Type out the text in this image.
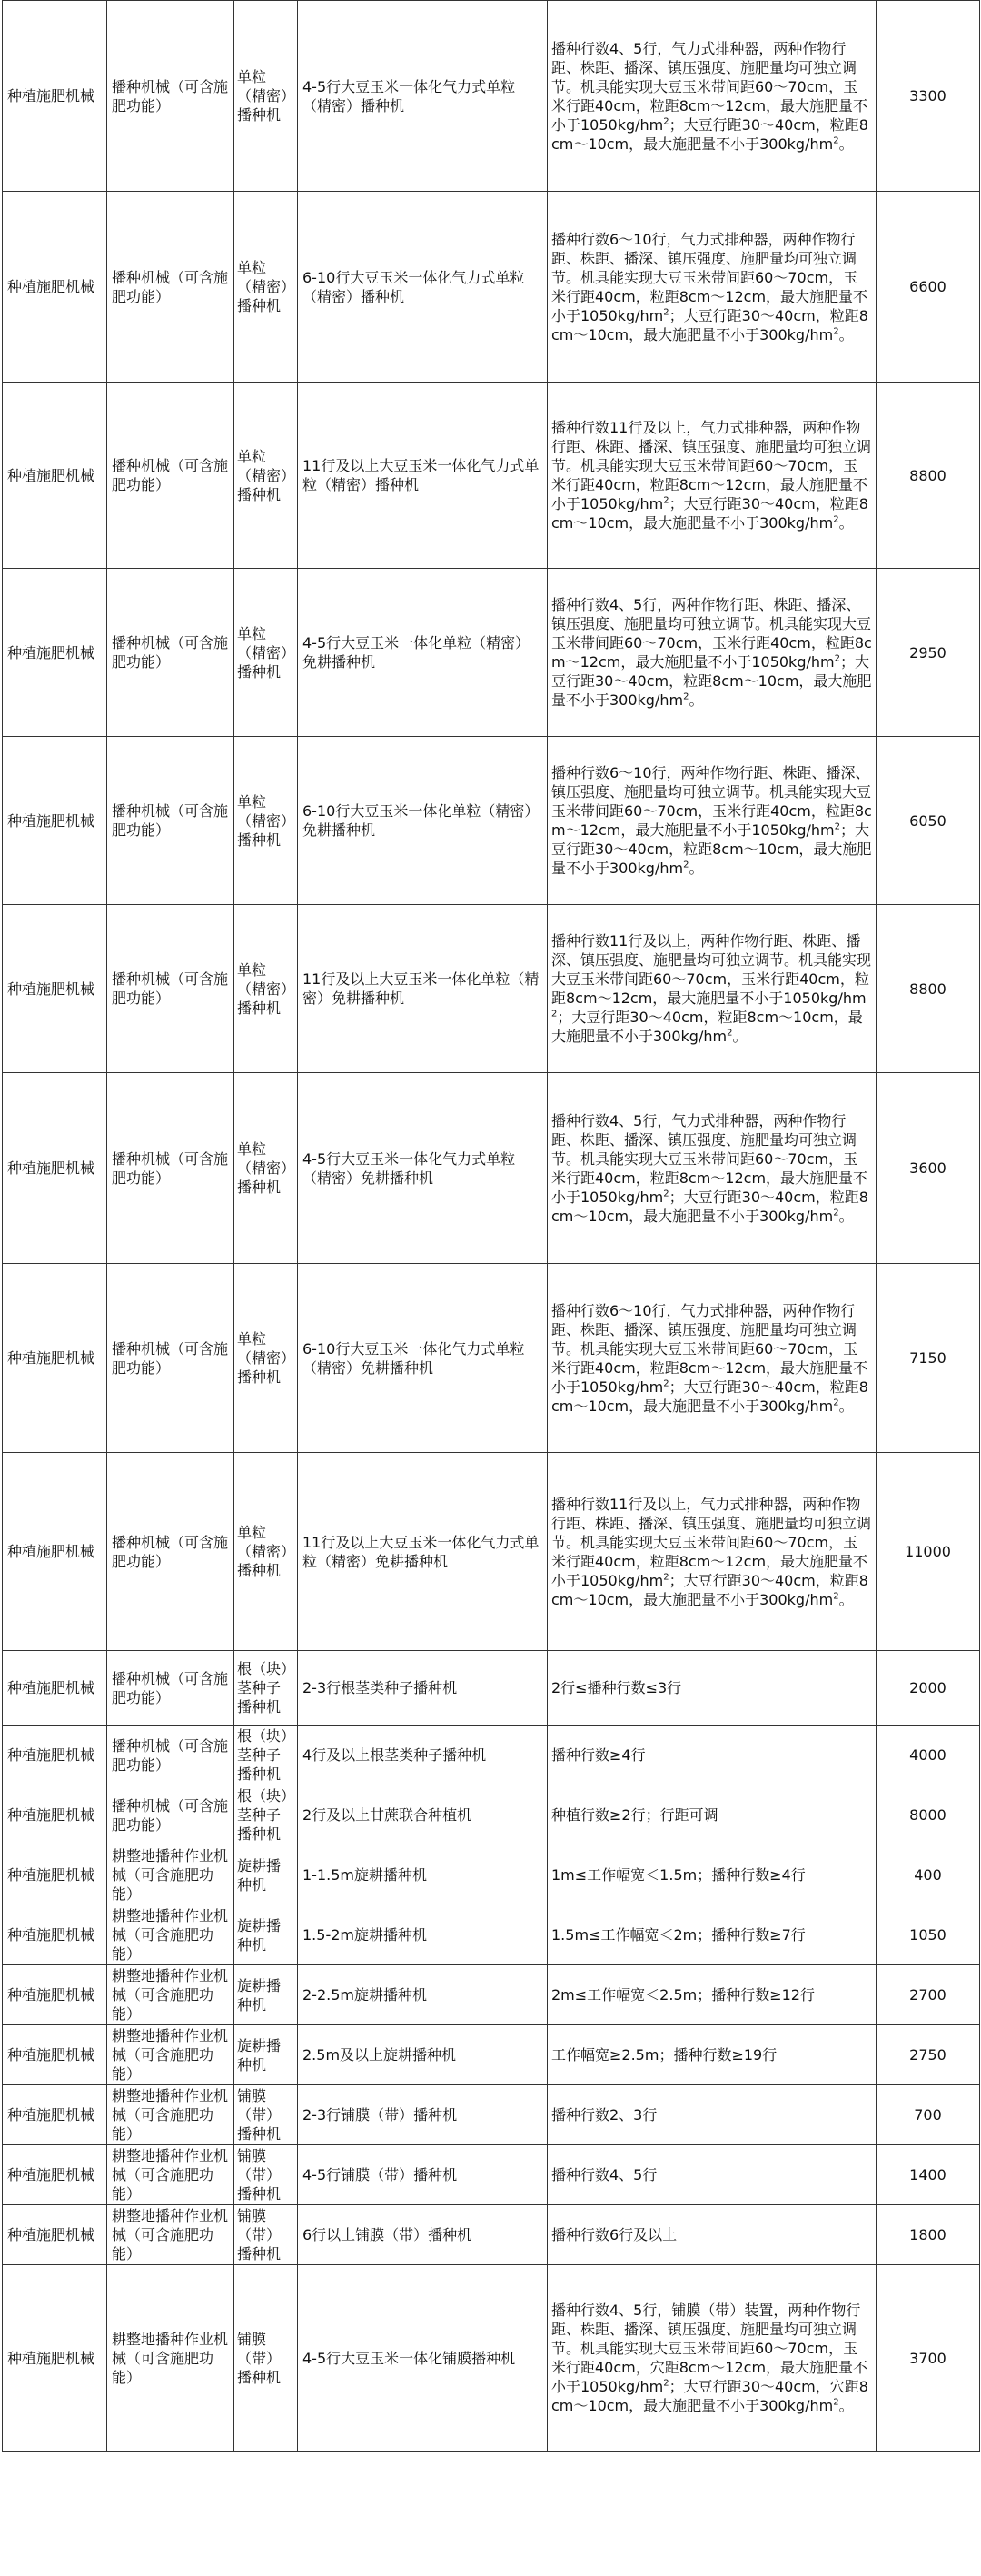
种植施肥机械	播种机械（可含施肥功能）	单粒（精密）播种机	4-5行大豆玉米一体化气力式单粒（精密）播种机	播种行数4、5行，气力式排种器，两种作物行距、株距、播深、镇压强度、施肥量均可独立调节。机具能实现大豆玉米带间距60～70cm，玉米行距40cm，粒距8cm～12cm，最大施肥量不小于$1050kg/hm^2$；大豆行距30～40cm，粒距8cm～10cm，最大施肥量不小于$300kg/hm^2$。	3300
种植施肥机械	播种机械（可含施肥功能）	单粒（精密）播种机	6-10行大豆玉米一体化气力式单粒（精密）播种机	播种行数6～10行，气力式排种器，两种作物行距、株距、播深、镇压强度、施肥量均可独立调节。机具能实现大豆玉米带间距60～70cm，玉米行距40cm，粒距8cm～12cm，最大施肥量不小于$1050kg/hm^2$；大豆行距30～40cm，粒距8cm～10cm，最大施肥量不小于$300kg/hm^2$。	6600
种植施肥机械	播种机械（可含施肥功能）	单粒（精密）播种机	11行及以上大豆玉米一体化气力式单粒（精密）播种机	播种行数11行及以上，气力式排种器，两种作物行距、株距、播深、镇压强度、施肥量均可独立调节。机具能实现大豆玉米带间距60～70cm，玉米行距40cm，粒距8cm～12cm，最大施肥量不小于$1050kg/hm^2$；大豆行距30～40cm，粒距8cm～10cm，最大施肥量不小于$300kg/hm^2$。	8800
种植施肥机械	播种机械（可含施肥功能）	单粒（精密）播种机	4-5行大豆玉米一体化单粒（精密）免耕播种机	播种行数4、5行，两种作物行距、株距、播深、镇压强度、施肥量均可独立调节。机具能实现大豆玉米带间距60～70cm，玉米行距40cm，粒距8cm～12cm，最大施肥量不小于$1050kg/hm^2$；大豆行距30～40cm，粒距8cm～10cm，最大施肥量不小于$300kg/hm^2$。	2950
种植施肥机械	播种机械（可含施肥功能）	单粒（精密）播种机	6-10行大豆玉米一体化单粒（精密）免耕播种机	播种行数6～10行，两种作物行距、株距、播深、镇压强度、施肥量均可独立调节。机具能实现大豆玉米带间距60～70cm，玉米行距40cm，粒距8cm～12cm，最大施肥量不小于$1050kg/hm^2$；大豆行距30～40cm，粒距8cm～10cm，最大施肥量不小于$300kg/hm^2$。	6050
种植施肥机械	播种机械（可含施肥功能）	单粒（精密）播种机	11行及以上大豆玉米一体化单粒（精密）免耕播种机	播种行数11行及以上，两种作物行距、株距、播深、镇压强度、施肥量均可独立调节。机具能实现大豆玉米带间距60～70cm，玉米行距40cm，粒距8cm～12cm，最大施肥量不小于$1050kg/hm^2$；大豆行距30～40cm，粒距8cm～10cm，最大施肥量不小于$300kg/hm^2$。	8800
种植施肥机械	播种机械（可含施肥功能）	单粒（精密）播种机	4-5行大豆玉米一体化气力式单粒（精密）免耕播种机	播种行数4、5行，气力式排种器，两种作物行距、株距、播深、镇压强度、施肥量均可独立调节。机具能实现大豆玉米带间距60～70cm，玉米行距40cm，粒距8cm～12cm，最大施肥量不小于$1050kg/hm^2$；大豆行距30～40cm，粒距8cm～10cm，最大施肥量不小于$300kg/hm^2$。	3600
种植施肥机械	播种机械（可含施肥功能）	单粒（精密）播种机	6-10行大豆玉米一体化气力式单粒（精密）免耕播种机	播种行数6～10行，气力式排种器，两种作物行距、株距、播深、镇压强度、施肥量均可独立调节。机具能实现大豆玉米带间距60～70cm，玉米行距40cm，粒距8cm～12cm，最大施肥量不小于$1050kg/hm^2$；大豆行距30～40cm，粒距8cm～10cm，最大施肥量不小于$300kg/hm^2$。	7150
种植施肥机械	播种机械（可含施肥功能）	单粒（精密）播种机	11行及以上大豆玉米一体化气力式单粒（精密）免耕播种机	播种行数11行及以上，气力式排种器，两种作物行距、株距、播深、镇压强度、施肥量均可独立调节。机具能实现大豆玉米带间距60～70cm，玉米行距40cm，粒距8cm～12cm，最大施肥量不小于$1050kg/hm^2$；大豆行距30～40cm，粒距8cm～10cm，最大施肥量不小于$300kg/hm^2$。	11000
种植施肥机械	播种机械（可含施肥功能）	根（块）茎种子播种机	2-3行根茎类种子播种机	2行≤播种行数≤3行	2000
种植施肥机械	播种机械（可含施肥功能）	根（块）茎种子播种机	4行及以上根茎类种子播种机	播种行数≥4行	4000
种植施肥机械	播种机械（可含施肥功能）	根（块）茎种子播种机	2行及以上甘蔗联合种植机	种植行数≥2行；行距可调	8000
种植施肥机械	耕整地播种作业机械（可含施肥功能）	旋耕播种机	1-1.5m旋耕播种机	1m≤工作幅宽＜1.5m；播种行数≥4行	400
种植施肥机械	耕整地播种作业机械（可含施肥功能）	旋耕播种机	1.5-2m旋耕播种机	1.5m≤工作幅宽＜2m；播种行数≥7行	1050
种植施肥机械	耕整地播种作业机械（可含施肥功能）	旋耕播种机	2-2.5m旋耕播种机	2m≤工作幅宽＜2.5m；播种行数≥12行	2700
种植施肥机械	耕整地播种作业机械（可含施肥功能）	旋耕播种机	2.5m及以上旋耕播种机	工作幅宽≥2.5m；播种行数≥19行	2750
种植施肥机械	耕整地播种作业机械（可含施肥功能）	铺膜（带）播种机	2-3行铺膜（带）播种机	播种行数2、3行	700
种植施肥机械	耕整地播种作业机械（可含施肥功能）	铺膜（带）播种机	4-5行铺膜（带）播种机	播种行数4、5行	1400
种植施肥机械	耕整地播种作业机械（可含施肥功能）	铺膜（带）播种机	6行以上铺膜（带）播种机	播种行数6行及以上	1800
种植施肥机械	耕整地播种作业机械（可含施肥功能）	铺膜（带）播种机	4-5行大豆玉米一体化铺膜播种机	播种行数4、5行，铺膜（带）装置，两种作物行距、株距、播深、镇压强度、施肥量均可独立调节。机具能实现大豆玉米带间距60～70cm，玉米行距40cm，穴距8cm～12cm，最大施肥量不小于$1050kg/hm^2$；大豆行距30～40cm，穴距8cm～10cm，最大施肥量不小于$300kg/hm^2$。	3700
